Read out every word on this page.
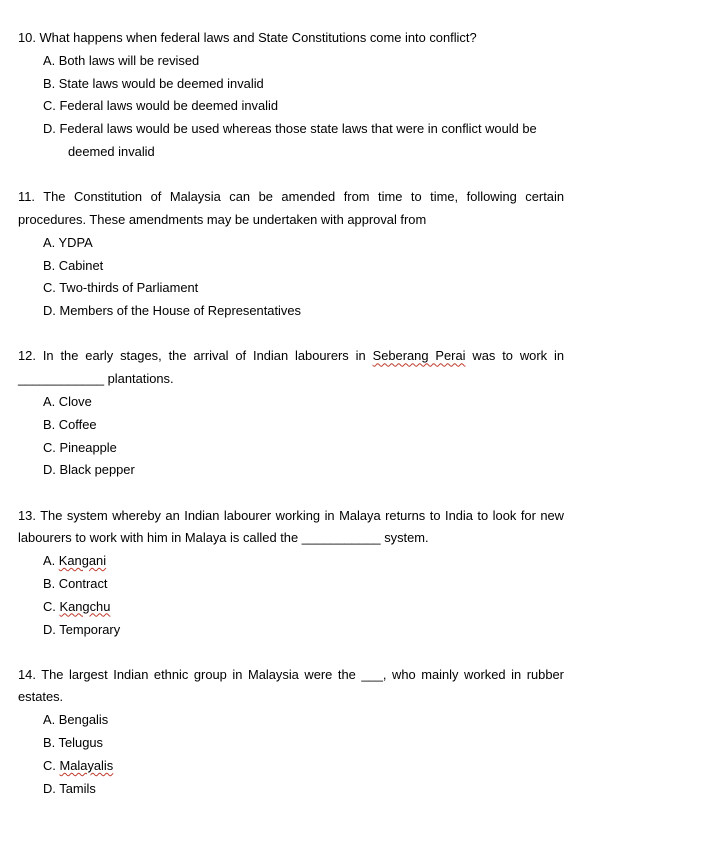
10. What happens when federal laws and State Constitutions come into conflict?

A. Both laws will be revised
B. State laws would be deemed invalid
C. Federal laws would be deemed invalid
D. Federal laws would be used whereas those state laws that were in conflict would be
deemed invalid

11. The Constitution of Malaysia can be amended from time to time, following certain procedures. These amendments may be undertaken with approval from

A. YDPA
B. Cabinet
C. Two-thirds of Parliament
D. Members of the House of Representatives

12. In the early stages, the arrival of Indian labourers in Seberang Perai was to work in ____________ plantations.

A. Clove
B. Coffee
C. Pineapple
D. Black pepper

13. The system whereby an Indian labourer working in Malaya returns to India to look for new labourers to work with him in Malaya is called the ___________ system.

A. Kangani
B. Contract
C. Kangchu
D. Temporary

14. The largest Indian ethnic group in Malaysia were the ___, who mainly worked in rubber estates.

A. Bengalis
B. Telugus
C. Malayalis
D. Tamils
